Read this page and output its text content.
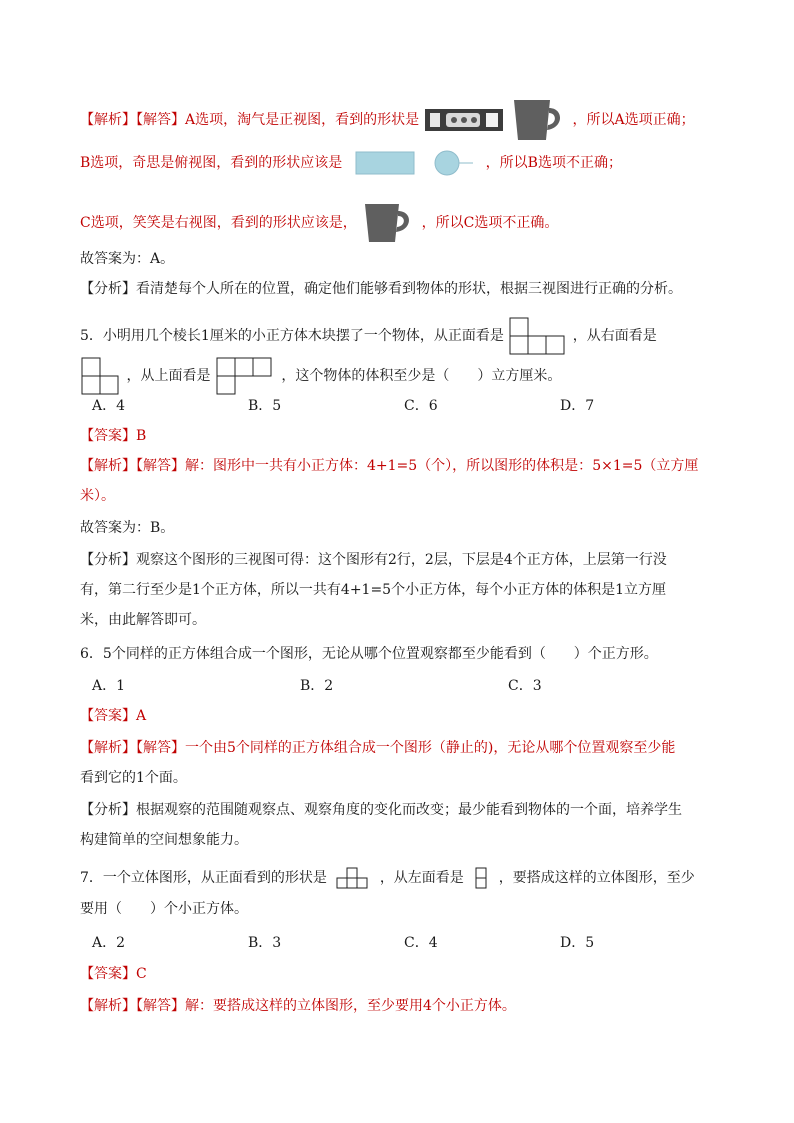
【解析】【解答】A选项，淘气是正视图，看到的形状是	，所以A选项正确；
B选项，奇思是俯视图，看到的形状应该是	，所以B选项不正确；
C选项，笑笑是右视图，看到的形状应该是，	，所以C选项不正确。
故答案为：A。
【分析】看清楚每个人所在的位置，确定他们能够看到物体的形状，根据三视图进行正确的分析。
5．小明用几个棱长1厘米的小正方体木块摆了一个物体，从正面看是	，从右面看是
，从上面看是	，这个物体的体积至少是（　　）立方厘米。
A．4	B．5	C．6	D．7
【答案】B
【解析】【解答】解：图形中一共有小正方体：4+1=5（个），所以图形的体积是：5×1=5（立方厘
米）。
故答案为：B。
【分析】观察这个图形的三视图可得：这个图形有2行，2层，下层是4个正方体，上层第一行没
有，第二行至少是1个正方体，所以一共有4+1=5个小正方体，每个小正方体的体积是1立方厘
米，由此解答即可。
6．5个同样的正方体组合成一个图形，无论从哪个位置观察都至少能看到（　　）个正方形。
A．1	B．2	C．3
【答案】A
【解析】【解答】一个由5个同样的正方体组合成一个图形（静止的)，无论从哪个位置观察至少能
看到它的1个面。
【分析】根据观察的范围随观察点、观察角度的变化而改变；最少能看到物体的一个面，培养学生
构建简单的空间想象能力。
7．一个立体图形，从正面看到的形状是	，从左面看是 ，要搭成这样的立体图形，至少
要用（　　）个小正方体。
A．2	B．3	C．4	D．5
【答案】C
【解析】【解答】解：要搭成这样的立体图形，至少要用4个小正方体。
